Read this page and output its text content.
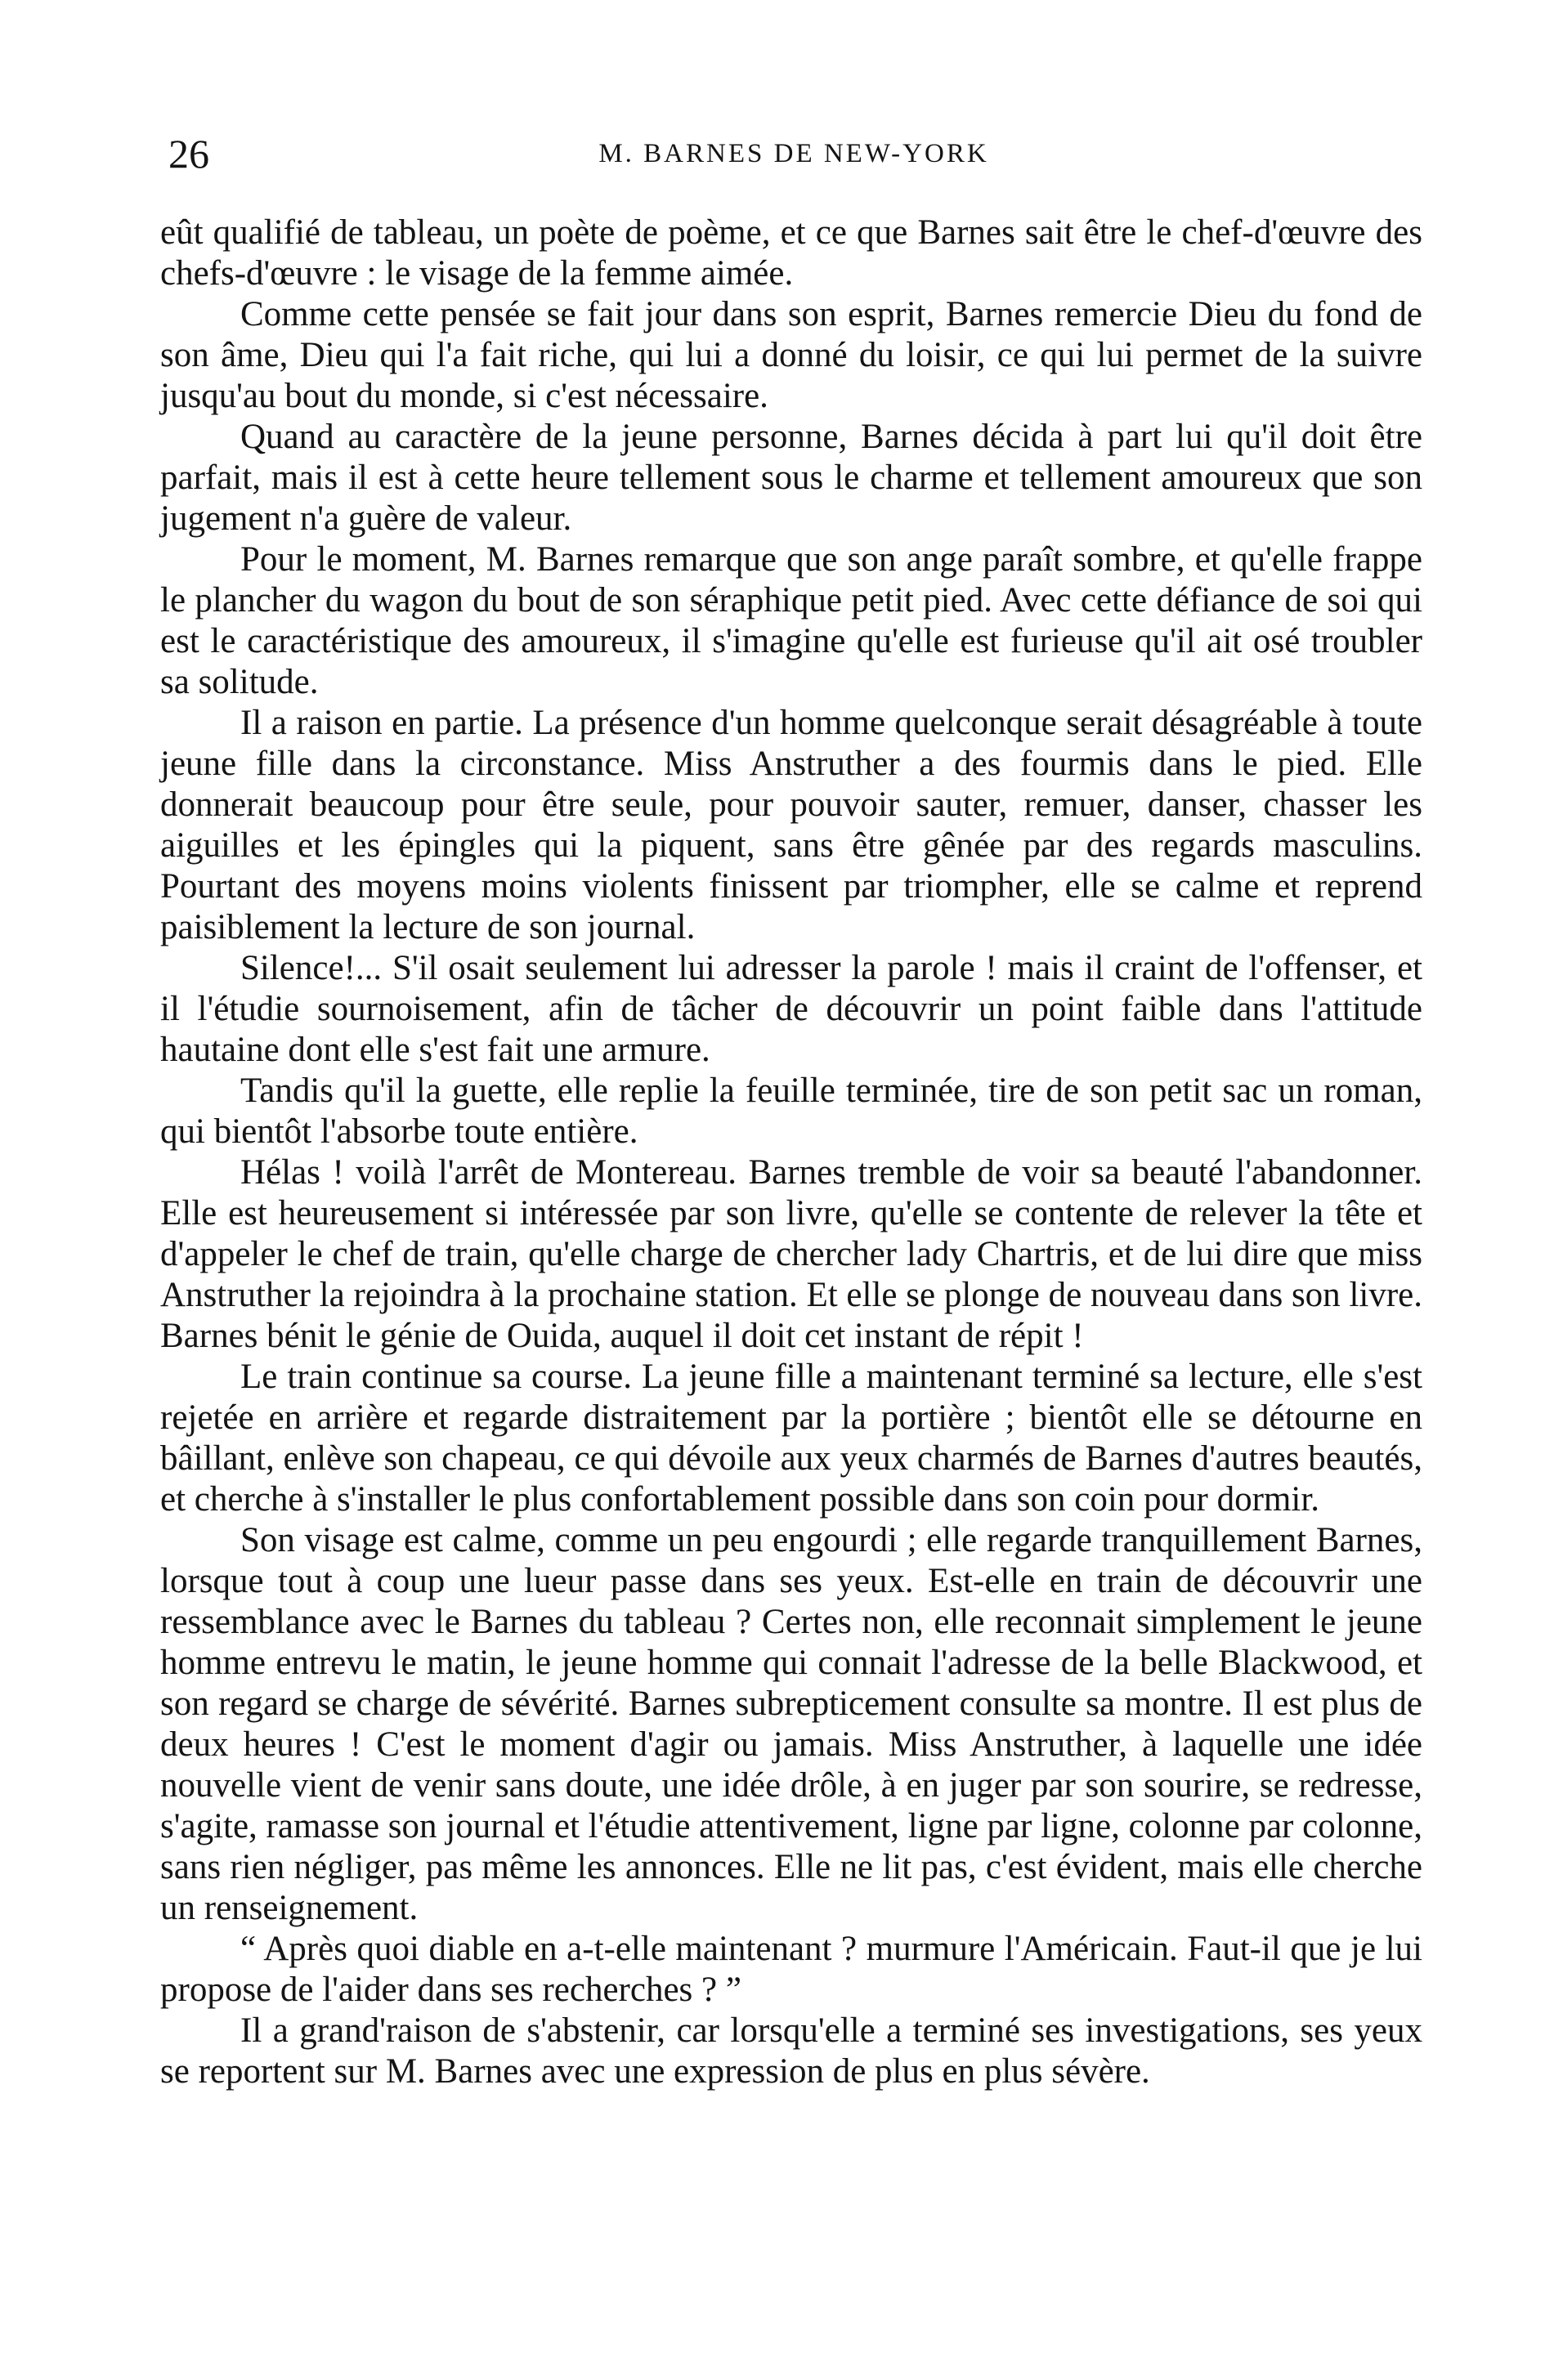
26	M. BARNES DE NEW-YORK

eût qualifié de tableau, un poète de poème, et ce que Barnes sait être le chef-d'œuvre des chefs-d'œuvre : le visage de la femme aimée.

Comme cette pensée se fait jour dans son esprit, Barnes remercie Dieu du fond de son âme, Dieu qui l'a fait riche, qui lui a donné du loisir, ce qui lui permet de la suivre jusqu'au bout du monde, si c'est nécessaire.

Quand au caractère de la jeune personne, Barnes décida à part lui qu'il doit être parfait, mais il est à cette heure tellement sous le charme et tellement amoureux que son jugement n'a guère de valeur.

Pour le moment, M. Barnes remarque que son ange paraît sombre, et qu'elle frappe le plancher du wagon du bout de son séraphique petit pied. Avec cette défiance de soi qui est le caractéristique des amoureux, il s'imagine qu'elle est furieuse qu'il ait osé troubler sa solitude.

Il a raison en partie. La présence d'un homme quelconque serait désagréable à toute jeune fille dans la circonstance. Miss Anstruther a des fourmis dans le pied. Elle donnerait beaucoup pour être seule, pour pouvoir sauter, remuer, danser, chasser les aiguilles et les épingles qui la piquent, sans être gênée par des regards masculins. Pourtant des moyens moins violents finissent par triompher, elle se calme et reprend paisiblement la lecture de son journal.

Silence!... S'il osait seulement lui adresser la parole ! mais il craint de l'offenser, et il l'étudie sournoisement, afin de tâcher de découvrir un point faible dans l'attitude hautaine dont elle s'est fait une armure.

Tandis qu'il la guette, elle replie la feuille terminée, tire de son petit sac un roman, qui bientôt l'absorbe toute entière.

Hélas ! voilà l'arrêt de Montereau. Barnes tremble de voir sa beauté l'abandonner. Elle est heureusement si intéressée par son livre, qu'elle se contente de relever la tête et d'appeler le chef de train, qu'elle charge de chercher lady Chartris, et de lui dire que miss Anstruther la rejoindra à la prochaine station. Et elle se plonge de nouveau dans son livre. Barnes bénit le génie de Ouida, auquel il doit cet instant de répit !

Le train continue sa course. La jeune fille a maintenant terminé sa lecture, elle s'est rejetée en arrière et regarde distraitement par la portière ; bientôt elle se détourne en bâillant, enlève son chapeau, ce qui dévoile aux yeux charmés de Barnes d'autres beautés, et cherche à s'installer le plus confortablement possible dans son coin pour dormir.

Son visage est calme, comme un peu engourdi ; elle regarde tranquillement Barnes, lorsque tout à coup une lueur passe dans ses yeux. Est-elle en train de découvrir une ressemblance avec le Barnes du tableau ? Certes non, elle reconnait simplement le jeune homme entrevu le matin, le jeune homme qui connait l'adresse de la belle Blackwood, et son regard se charge de sévérité. Barnes subrepticement consulte sa montre. Il est plus de deux heures ! C'est le moment d'agir ou jamais. Miss Anstruther, à laquelle une idée nouvelle vient de venir sans doute, une idée drôle, à en juger par son sourire, se redresse, s'agite, ramasse son journal et l'étudie attentivement, ligne par ligne, colonne par colonne, sans rien négliger, pas même les annonces. Elle ne lit pas, c'est évident, mais elle cherche un renseignement.

“ Après quoi diable en a-t-elle maintenant ? murmure l'Américain. Faut-il que je lui propose de l'aider dans ses recherches ? ”

Il a grand'raison de s'abstenir, car lorsqu'elle a terminé ses investigations, ses yeux se reportent sur M. Barnes avec une expression de plus en plus sévère.
